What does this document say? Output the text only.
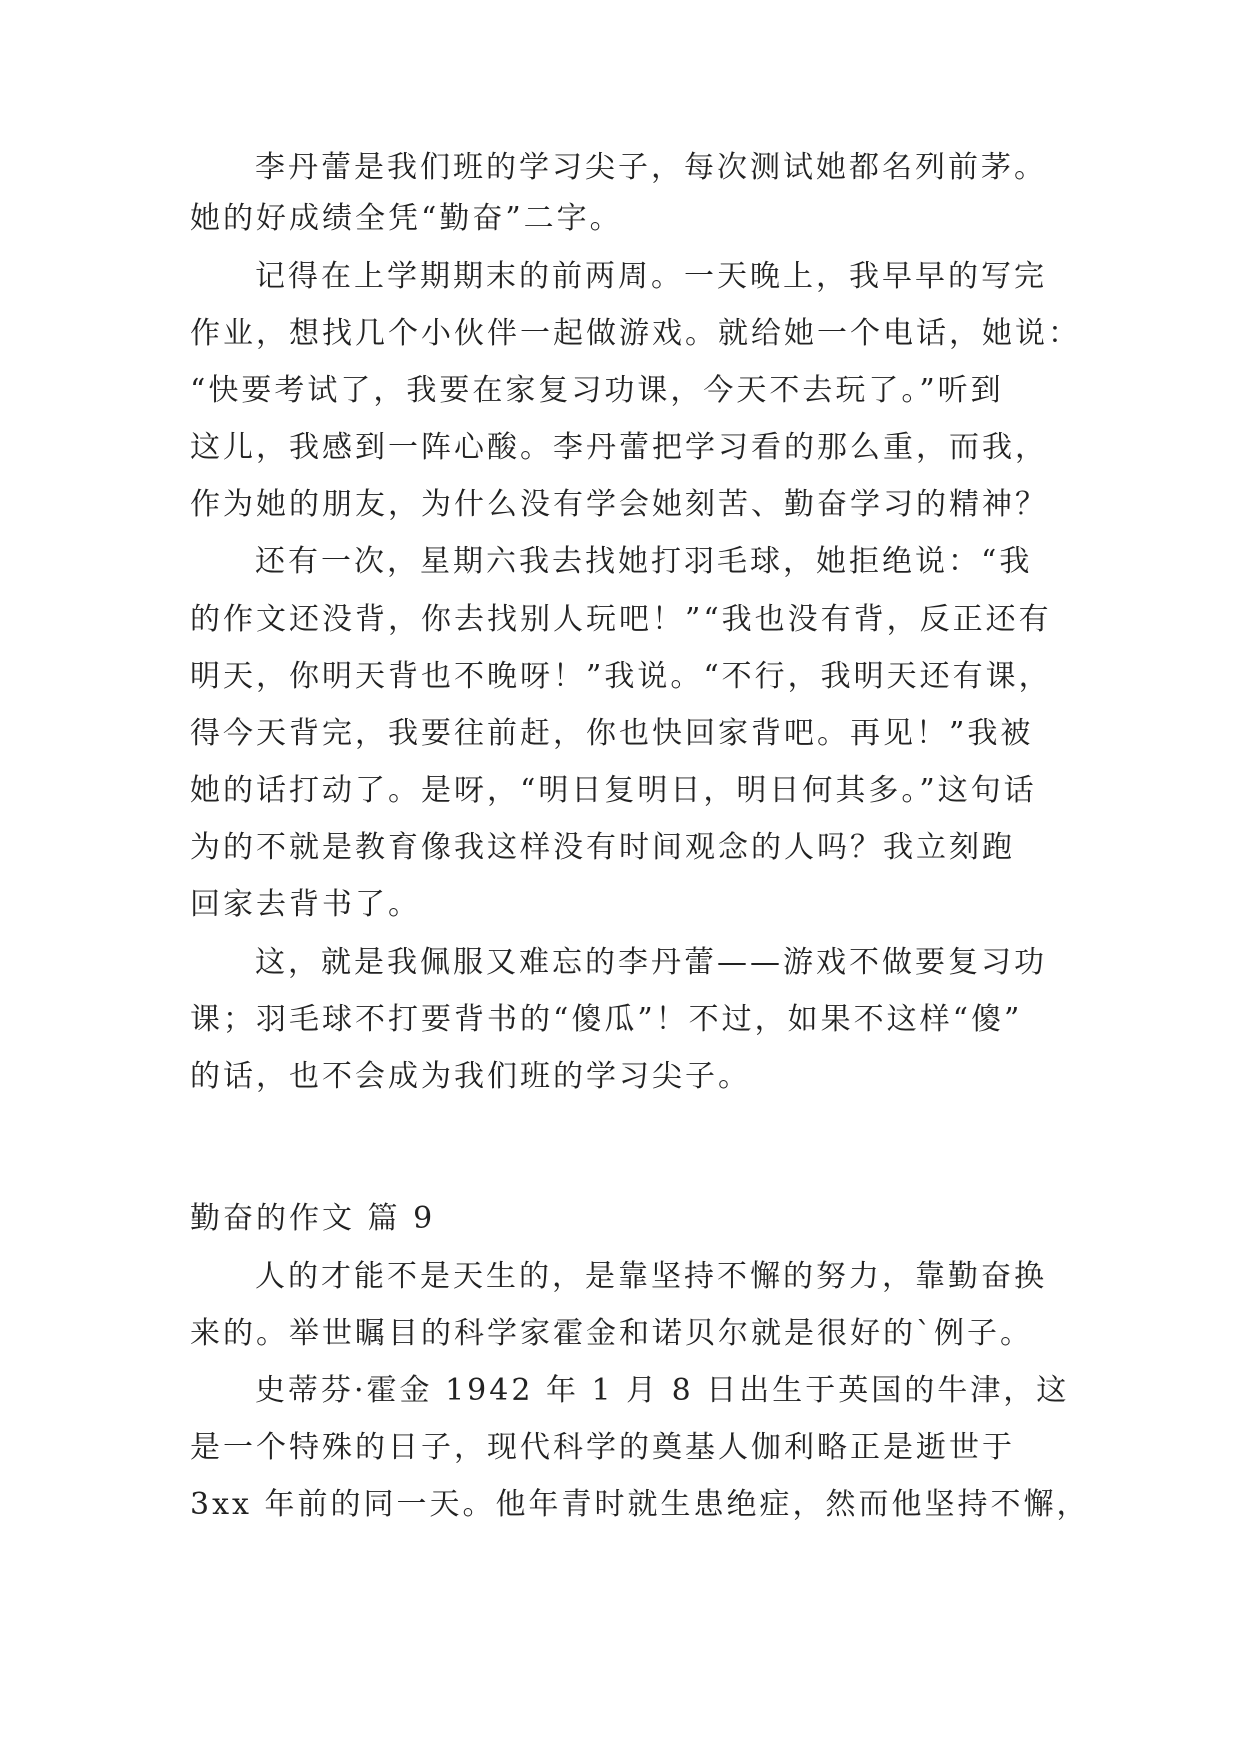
李丹蕾是我们班的学习尖子，每次测试她都名列前茅。
她的好成绩全凭“勤奋”二字。
记得在上学期期末的前两周。一天晚上，我早早的写完
作业，想找几个小伙伴一起做游戏。就给她一个电话，她说：
“快要考试了，我要在家复习功课，今天不去玩了。”听到
这儿，我感到一阵心酸。李丹蕾把学习看的那么重，而我，
作为她的朋友，为什么没有学会她刻苦、勤奋学习的精神？
还有一次，星期六我去找她打羽毛球，她拒绝说：“我
的作文还没背，你去找别人玩吧！”“我也没有背，反正还有
明天，你明天背也不晚呀！”我说。“不行，我明天还有课，
得今天背完，我要往前赶，你也快回家背吧。再见！”我被
她的话打动了。是呀，“明日复明日，明日何其多。”这句话
为的不就是教育像我这样没有时间观念的人吗？我立刻跑
回家去背书了。
这，就是我佩服又难忘的李丹蕾——游戏不做要复习功
课；羽毛球不打要背书的“傻瓜”！不过，如果不这样“傻”
的话，也不会成为我们班的学习尖子。
勤奋的作文 篇 9
人的才能不是天生的，是靠坚持不懈的努力，靠勤奋换
来的。举世瞩目的科学家霍金和诺贝尔就是很好的`例子。
史蒂芬·霍金 1942 年 1 月 8 日出生于英国的牛津，这
是一个特殊的日子，现代科学的奠基人伽利略正是逝世于
3xx 年前的同一天。他年青时就生患绝症，然而他坚持不懈，
